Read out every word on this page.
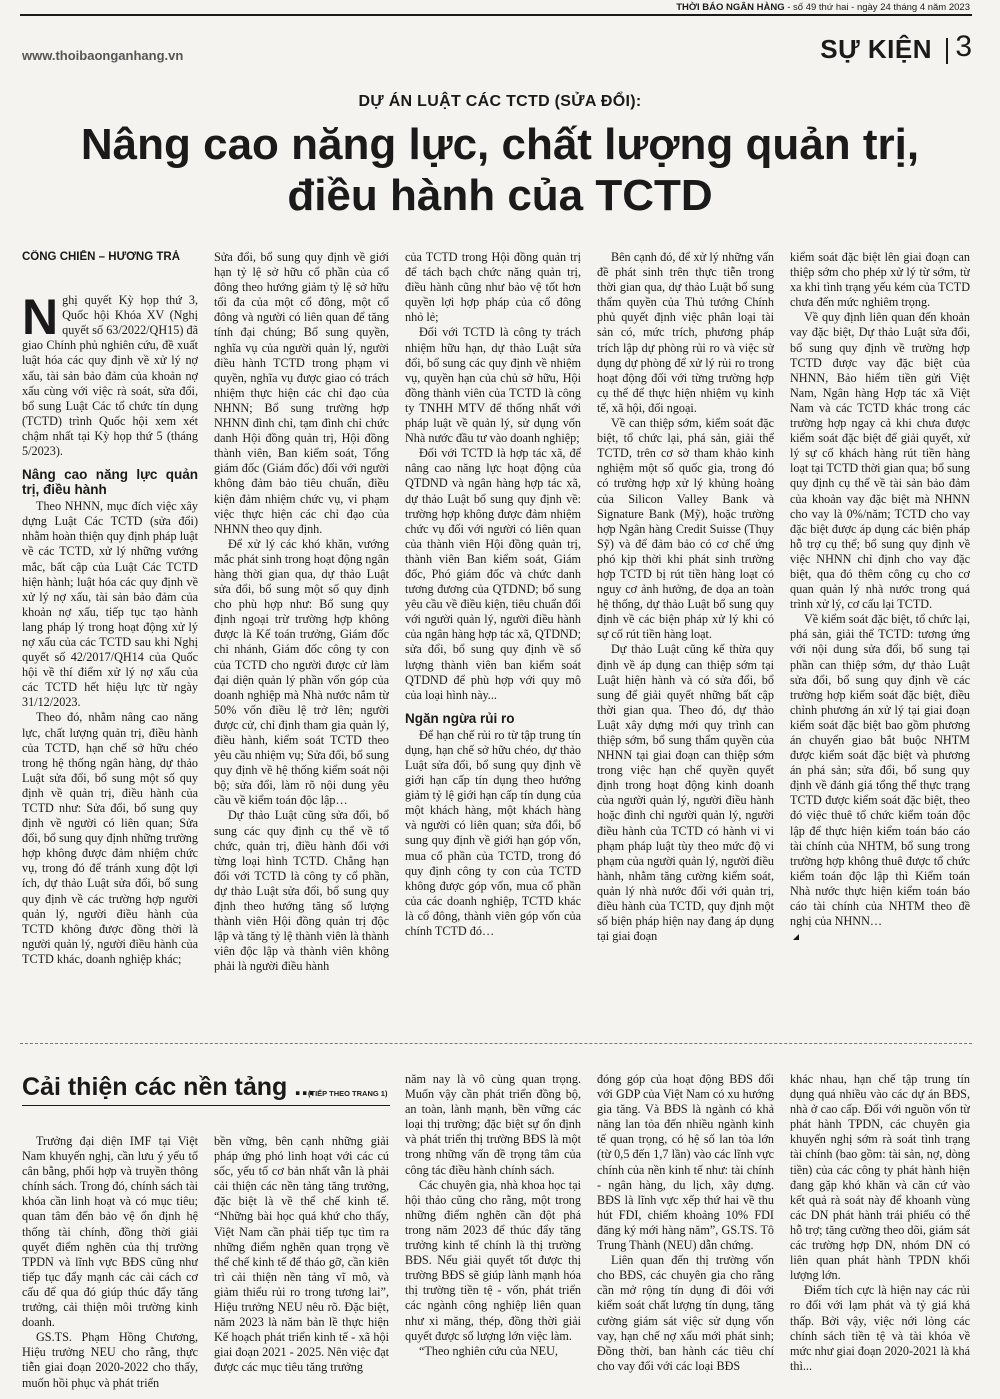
THỜI BÁO NGÂN HÀNG - số 49 thứ hai - ngày 24 tháng 4 năm 2023
www.thoibaonganhang.vn	SỰ KIỆN 3
DỰ ÁN LUẬT CÁC TCTD (SỬA ĐỔI):
Nâng cao năng lực, chất lượng quản trị,
điều hành của TCTD
CÔNG CHIẾN – HƯƠNG TRÀ

Nghị quyết Kỳ họp thứ 3, Quốc hội Khóa XV (Nghị quyết số 63/2022/QH15) đã giao Chính phủ nghiên cứu, đề xuất luật hóa các quy định về xử lý nợ xấu, tài sản bảo đảm của khoản nợ xấu cùng với việc rà soát, sửa đổi, bổ sung Luật Các tổ chức tín dụng (TCTD) trình Quốc hội xem xét chậm nhất tại Kỳ họp thứ 5 (tháng 5/2023).

Nâng cao năng lực quản trị, điều hành

Theo NHNN, mục đích việc xây dựng Luật Các TCTD (sửa đổi) nhằm hoàn thiện quy định pháp luật về các TCTD, xử lý những vướng mắc, bất cập của Luật Các TCTD hiện hành; luật hóa các quy định về xử lý nợ xấu, tài sản bảo đảm của khoản nợ xấu, tiếp tục tạo hành lang pháp lý trong hoạt động xử lý nợ xấu của các TCTD sau khi Nghị quyết số 42/2017/QH14 của Quốc hội về thí điểm xử lý nợ xấu của các TCTD hết hiệu lực từ ngày 31/12/2023.

Theo đó, nhằm nâng cao năng lực, chất lượng quản trị, điều hành của TCTD, hạn chế sở hữu chéo trong hệ thống ngân hàng, dự thảo Luật sửa đổi, bổ sung một số quy định về quản trị, điều hành của TCTD như: Sửa đổi, bổ sung quy định về người có liên quan; Sửa đổi, bổ sung quy định những trường hợp không được đảm nhiệm chức vụ, trong đó để tránh xung đột lợi ích, dự thảo Luật sửa đổi, bổ sung quy định về các trường hợp người quản lý, người điều hành của TCTD không được đồng thời là người quản lý, người điều hành của TCTD khác, doanh nghiệp khác;

Sửa đổi, bổ sung quy định về giới hạn tỷ lệ sở hữu cổ phần của cổ đông theo hướng giảm tỷ lệ sở hữu tối đa của một cổ đông, một cổ đông và người có liên quan để tăng tính đại chúng; Bổ sung quyền, nghĩa vụ của người quản lý, người điều hành TCTD trong phạm vi quyền, nghĩa vụ được giao có trách nhiệm thực hiện các chỉ đạo của NHNN; Bổ sung trường hợp NHNN đình chỉ, tạm đình chỉ chức danh Hội đồng quản trị, Hội đồng thành viên, Ban kiểm soát, Tổng giám đốc (Giám đốc) đối với người không đảm bảo tiêu chuẩn, điều kiện đảm nhiệm chức vụ, vi phạm việc thực hiện các chỉ đạo của NHNN theo quy định.

Để xử lý các khó khăn, vướng mắc phát sinh trong hoạt động ngân hàng thời gian qua, dự thảo Luật sửa đổi, bổ sung một số quy định cho phù hợp như: Bổ sung quy định ngoại trừ trường hợp không được là Kế toán trưởng, Giám đốc chi nhánh, Giám đốc công ty con của TCTD cho người được cử làm đại diện quản lý phần vốn góp của doanh nghiệp mà Nhà nước nắm từ 50% vốn điều lệ trở lên; người được cử, chỉ định tham gia quản lý, điều hành, kiểm soát TCTD theo yêu cầu nhiệm vụ; Sửa đổi, bổ sung quy định về hệ thống kiểm soát nội bộ; sửa đổi, làm rõ nội dung yêu cầu về kiểm toán độc lập…

Dự thảo Luật cũng sửa đổi, bổ sung các quy định cụ thể về tổ chức, quản trị, điều hành đối với từng loại hình TCTD. Chẳng hạn đối với TCTD là công ty cổ phần, dự thảo Luật sửa đổi, bổ sung quy định theo hướng tăng số lượng thành viên Hội đồng quản trị độc lập và tăng tỷ lệ thành viên là thành viên độc lập và thành viên không phải là người điều hành

của TCTD trong Hội đồng quản trị để tách bạch chức năng quản trị, điều hành cũng như bảo vệ tốt hơn quyền lợi hợp pháp của cổ đông nhỏ lẻ;

Đối với TCTD là công ty trách nhiệm hữu hạn, dự thảo Luật sửa đổi, bổ sung các quy định về nhiệm vụ, quyền hạn của chủ sở hữu, Hội đồng thành viên của TCTD là công ty TNHH MTV để thống nhất với pháp luật về quản lý, sử dụng vốn Nhà nước đầu tư vào doanh nghiệp;

Đối với TCTD là hợp tác xã, để nâng cao năng lực hoạt động của QTDND và ngân hàng hợp tác xã, dự thảo Luật bổ sung quy định về: trường hợp không được đảm nhiệm chức vụ đối với người có liên quan của thành viên Hội đồng quản trị, thành viên Ban kiểm soát, Giám đốc, Phó giám đốc và chức danh tương đương của QTDND; bổ sung yêu cầu về điều kiện, tiêu chuẩn đối với người quản lý, người điều hành của ngân hàng hợp tác xã, QTDND; sửa đổi, bổ sung quy định về số lượng thành viên ban kiểm soát QTDND để phù hợp với quy mô của loại hình này...

Ngăn ngừa rủi ro

Để hạn chế rủi ro từ tập trung tín dụng, hạn chế sở hữu chéo, dự thảo Luật sửa đổi, bổ sung quy định về giới hạn cấp tín dụng theo hướng giảm tỷ lệ giới hạn cấp tín dụng của một khách hàng, một khách hàng và người có liên quan; sửa đổi, bổ sung quy định về giới hạn góp vốn, mua cổ phần của TCTD, trong đó quy định công ty con của TCTD không được góp vốn, mua cổ phần của các doanh nghiệp, TCTD khác là cổ đông, thành viên góp vốn của chính TCTD đó…

Bên cạnh đó, để xử lý những vấn đề phát sinh trên thực tiễn trong thời gian qua, dự thảo Luật bổ sung thẩm quyền của Thủ tướng Chính phủ quyết định việc phân loại tài sản có, mức trích, phương pháp trích lập dự phòng rủi ro và việc sử dụng dự phòng để xử lý rủi ro trong hoạt động đối với từng trường hợp cụ thể để thực hiện nhiệm vụ kinh tế, xã hội, đối ngoại.

Về can thiệp sớm, kiểm soát đặc biệt, tổ chức lại, phá sản, giải thể TCTD, trên cơ sở tham khảo kinh nghiệm một số quốc gia, trong đó có trường hợp xử lý khủng hoảng của Silicon Valley Bank và Signature Bank (Mỹ), hoặc trường hợp Ngân hàng Credit Suisse (Thụy Sỹ) và để đảm bảo có cơ chế ứng phó kịp thời khi phát sinh trường hợp TCTD bị rút tiền hàng loạt có nguy cơ ảnh hưởng, đe dọa an toàn hệ thống, dự thảo Luật bổ sung quy định về các biện pháp xử lý khi có sự cố rút tiền hàng loạt.

Dự thảo Luật cũng kế thừa quy định về áp dụng can thiệp sớm tại Luật hiện hành và có sửa đổi, bổ sung để giải quyết những bất cập thời gian qua. Theo đó, dự thảo Luật xây dựng mới quy trình can thiệp sớm, bổ sung thẩm quyền của NHNN tại giai đoạn can thiệp sớm trong việc hạn chế quyền quyết định trong hoạt động kinh doanh của người quản lý, người điều hành hoặc đình chỉ người quản lý, người điều hành của TCTD có hành vi vi phạm pháp luật tùy theo mức độ vi phạm của người quản lý, người điều hành, nhằm tăng cường kiểm soát, quản lý nhà nước đối với quản trị, điều hành của TCTD, quy định một số biện pháp hiện nay đang áp dụng tại giai đoạn

kiểm soát đặc biệt lên giai đoạn can thiệp sớm cho phép xử lý từ sớm, từ xa khi tình trạng yếu kém của TCTD chưa đến mức nghiêm trọng.

Về quy định liên quan đến khoản vay đặc biệt, Dự thảo Luật sửa đổi, bổ sung quy định về trường hợp TCTD được vay đặc biệt của NHNN, Bảo hiểm tiền gửi Việt Nam, Ngân hàng Hợp tác xã Việt Nam và các TCTD khác trong các trường hợp ngay cả khi chưa được kiểm soát đặc biệt để giải quyết, xử lý sự cố khách hàng rút tiền hàng loạt tại TCTD thời gian qua; bổ sung quy định cụ thể về tài sản bảo đảm của khoản vay đặc biệt mà NHNN cho vay là 0%/năm; TCTD cho vay đặc biệt được áp dụng các biện pháp hỗ trợ cụ thể; bổ sung quy định về việc NHNN chỉ định cho vay đặc biệt, qua đó thêm công cụ cho cơ quan quản lý nhà nước trong quá trình xử lý, cơ cấu lại TCTD.

Về kiểm soát đặc biệt, tổ chức lại, phá sản, giải thể TCTD: tương ứng với nội dung sửa đổi, bổ sung tại phần can thiệp sớm, dự thảo Luật sửa đổi, bổ sung quy định về các trường hợp kiểm soát đặc biệt, điều chỉnh phương án xử lý tại giai đoạn kiểm soát đặc biệt bao gồm phương án chuyển giao bắt buộc NHTM được kiểm soát đặc biệt và phương án phá sản; sửa đổi, bổ sung quy định về đánh giá tổng thể thực trạng TCTD được kiểm soát đặc biệt, theo đó việc thuê tổ chức kiểm toán độc lập để thực hiện kiểm toán báo cáo tài chính của NHTM, bổ sung trong trường hợp không thuê được tổ chức kiểm toán độc lập thì Kiểm toán Nhà nước thực hiện kiểm toán báo cáo tài chính của NHTM theo đề nghị của NHNN…

Cải thiện các nền tảng ...
(TIẾP THEO TRANG 1)

Trưởng đại diện IMF tại Việt Nam khuyến nghị, cần lưu ý yếu tố cân bằng, phối hợp và truyền thông chính sách. Trong đó, chính sách tài khóa cần linh hoạt và có mục tiêu; quan tâm đến bảo vệ ổn định hệ thống tài chính, đồng thời giải quyết điểm nghẽn của thị trường TPDN và lĩnh vực BĐS cũng như tiếp tục đẩy mạnh các cải cách cơ cấu để qua đó giúp thúc đẩy tăng trưởng, cải thiện môi trường kinh doanh.

GS.TS. Phạm Hồng Chương, Hiệu trưởng NEU cho rằng, thực tiễn giai đoạn 2020-2022 cho thấy, muốn hồi phục và phát triển

bền vững, bên cạnh những giải pháp ứng phó linh hoạt với các cú sốc, yếu tố cơ bản nhất vẫn là phải cải thiện các nền tảng tăng trưởng, đặc biệt là về thể chế kinh tế. “Những bài học quá khứ cho thấy, Việt Nam cần phải tiếp tục tìm ra những điểm nghẽn quan trọng về thể chế kinh tế để tháo gỡ, cần kiên trì cải thiện nền tảng vĩ mô, và giảm thiểu rủi ro trong tương lai”, Hiệu trưởng NEU nêu rõ. Đặc biệt, năm 2023 là năm bản lề thực hiện Kế hoạch phát triển kinh tế - xã hội giai đoạn 2021 - 2025. Nên việc đạt được các mục tiêu tăng trưởng

năm nay là vô cùng quan trọng. Muốn vậy cần phát triển đồng bộ, an toàn, lành mạnh, bền vững các loại thị trường; đặc biệt sự ổn định và phát triển thị trường BĐS là một trong những vấn đề trọng tâm của công tác điều hành chính sách.

Các chuyên gia, nhà khoa học tại hội thảo cũng cho rằng, một trong những điểm nghẽn cần đột phá trong năm 2023 để thúc đẩy tăng trưởng kinh tế chính là thị trường BĐS. Nếu giải quyết tốt được thị trường BĐS sẽ giúp lành mạnh hóa thị trường tiền tệ - vốn, phát triển các ngành công nghiệp liên quan như xi măng, thép, đồng thời giải quyết được số lượng lớn việc làm.

“Theo nghiên cứu của NEU,

đóng góp của hoạt động BĐS đối với GDP của Việt Nam có xu hướng gia tăng. Và BĐS là ngành có khả năng lan tỏa đến nhiều ngành kinh tế quan trọng, có hệ số lan tỏa lớn (từ 0,5 đến 1,7 lần) vào các lĩnh vực chính của nền kinh tế như: tài chính - ngân hàng, du lịch, xây dựng. BĐS là lĩnh vực xếp thứ hai về thu hút FDI, chiếm khoảng 10% FDI đăng ký mới hàng năm”, GS.TS. Tô Trung Thành (NEU) dẫn chứng.

Liên quan đến thị trường vốn cho BĐS, các chuyên gia cho rằng cần mở rộng tín dụng đi đôi với kiểm soát chất lượng tín dụng, tăng cường giám sát việc sử dụng vốn vay, hạn chế nợ xấu mới phát sinh; Đồng thời, ban hành các tiêu chí cho vay đối với các loại BĐS

khác nhau, hạn chế tập trung tín dụng quá nhiều vào các dự án BĐS, nhà ở cao cấp. Đối với nguồn vốn từ phát hành TPDN, các chuyên gia khuyến nghị sớm rà soát tình trạng tài chính (bao gồm: tài sản, nợ, dòng tiền) của các công ty phát hành hiện đang gặp khó khăn và căn cứ vào kết quả rà soát này để khoanh vùng các DN phát hành trái phiếu có thể hỗ trợ; tăng cường theo dõi, giám sát các trường hợp DN, nhóm DN có liên quan phát hành TPDN khối lượng lớn.

Điểm tích cực là hiện nay các rủi ro đối với lạm phát và tỷ giá khá thấp. Bởi vậy, việc nới lỏng các chính sách tiền tệ và tài khóa về mức như giai đoạn 2020-2021 là khá thì...
